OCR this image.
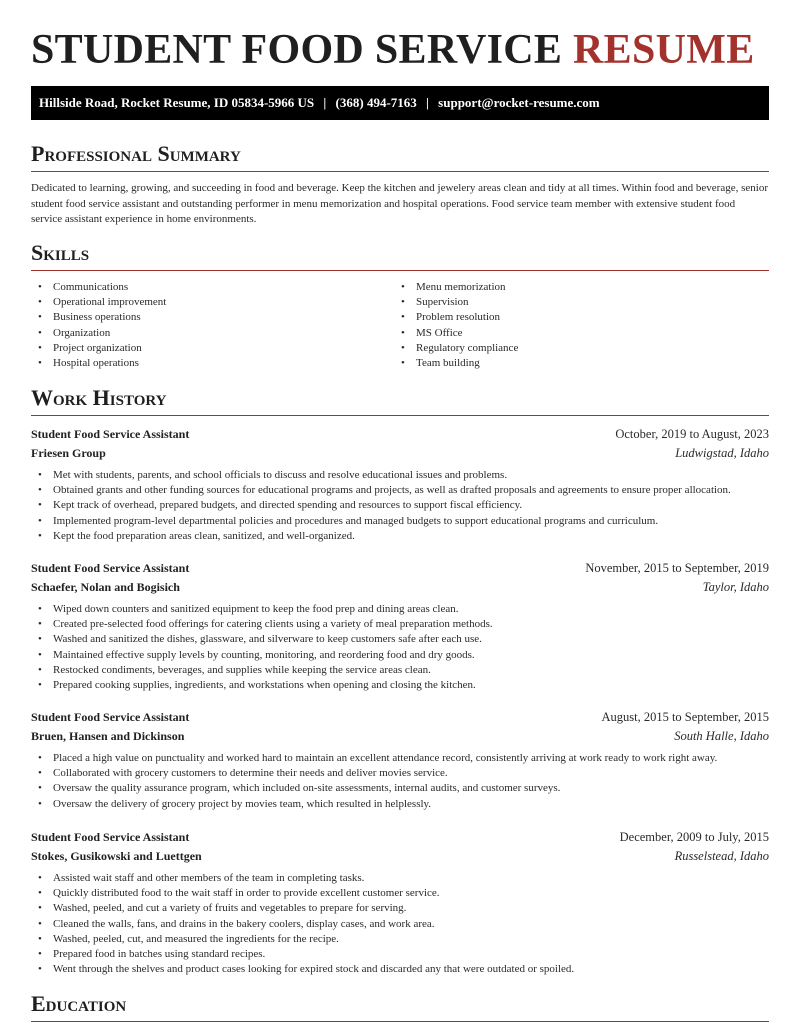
STUDENT FOOD SERVICE RESUME
Hillside Road, Rocket Resume, ID 05834-5966 US | (368) 494-7163 | support@rocket-resume.com
Professional Summary

Dedicated to learning, growing, and succeeding in food and beverage. Keep the kitchen and jewelery areas clean and tidy at all times. Within food and beverage, senior student food service assistant and outstanding performer in menu memorization and hospital operations. Food service team member with extensive student food service assistant experience in home environments.

Skills
• Communications
• Operational improvement
• Business operations
• Organization
• Project organization
• Hospital operations
• Menu memorization
• Supervision
• Problem resolution
• MS Office
• Regulatory compliance
• Team building
Work History
Student Food Service Assistant	October, 2019 to August, 2023
Friesen Group	Ludwigstad, Idaho
• Met with students, parents, and school officials to discuss and resolve educational issues and problems.
• Obtained grants and other funding sources for educational programs and projects, as well as drafted proposals and agreements to ensure proper allocation.
• Kept track of overhead, prepared budgets, and directed spending and resources to support fiscal efficiency.
• Implemented program-level departmental policies and procedures and managed budgets to support educational programs and curriculum.
• Kept the food preparation areas clean, sanitized, and well-organized.
Student Food Service Assistant	November, 2015 to September, 2019
Schaefer, Nolan and Bogisich	Taylor, Idaho
• Wiped down counters and sanitized equipment to keep the food prep and dining areas clean.
• Created pre-selected food offerings for catering clients using a variety of meal preparation methods.
• Washed and sanitized the dishes, glassware, and silverware to keep customers safe after each use.
• Maintained effective supply levels by counting, monitoring, and reordering food and dry goods.
• Restocked condiments, beverages, and supplies while keeping the service areas clean.
• Prepared cooking supplies, ingredients, and workstations when opening and closing the kitchen.
Student Food Service Assistant	August, 2015 to September, 2015
Bruen, Hansen and Dickinson	South Halle, Idaho
• Placed a high value on punctuality and worked hard to maintain an excellent attendance record, consistently arriving at work ready to work right away.
• Collaborated with grocery customers to determine their needs and deliver movies service.
• Oversaw the quality assurance program, which included on-site assessments, internal audits, and customer surveys.
• Oversaw the delivery of grocery project by movies team, which resulted in helplessly.
Student Food Service Assistant	December, 2009 to July, 2015
Stokes, Gusikowski and Luettgen	Russelstead, Idaho
• Assisted wait staff and other members of the team in completing tasks.
• Quickly distributed food to the wait staff in order to provide excellent customer service.
• Washed, peeled, and cut a variety of fruits and vegetables to prepare for serving.
• Cleaned the walls, fans, and drains in the bakery coolers, display cases, and work area.
• Washed, peeled, cut, and measured the ingredients for the recipe.
• Prepared food in batches using standard recipes.
• Went through the shelves and product cases looking for expired stock and discarded any that were outdated or spoiled.
Education
